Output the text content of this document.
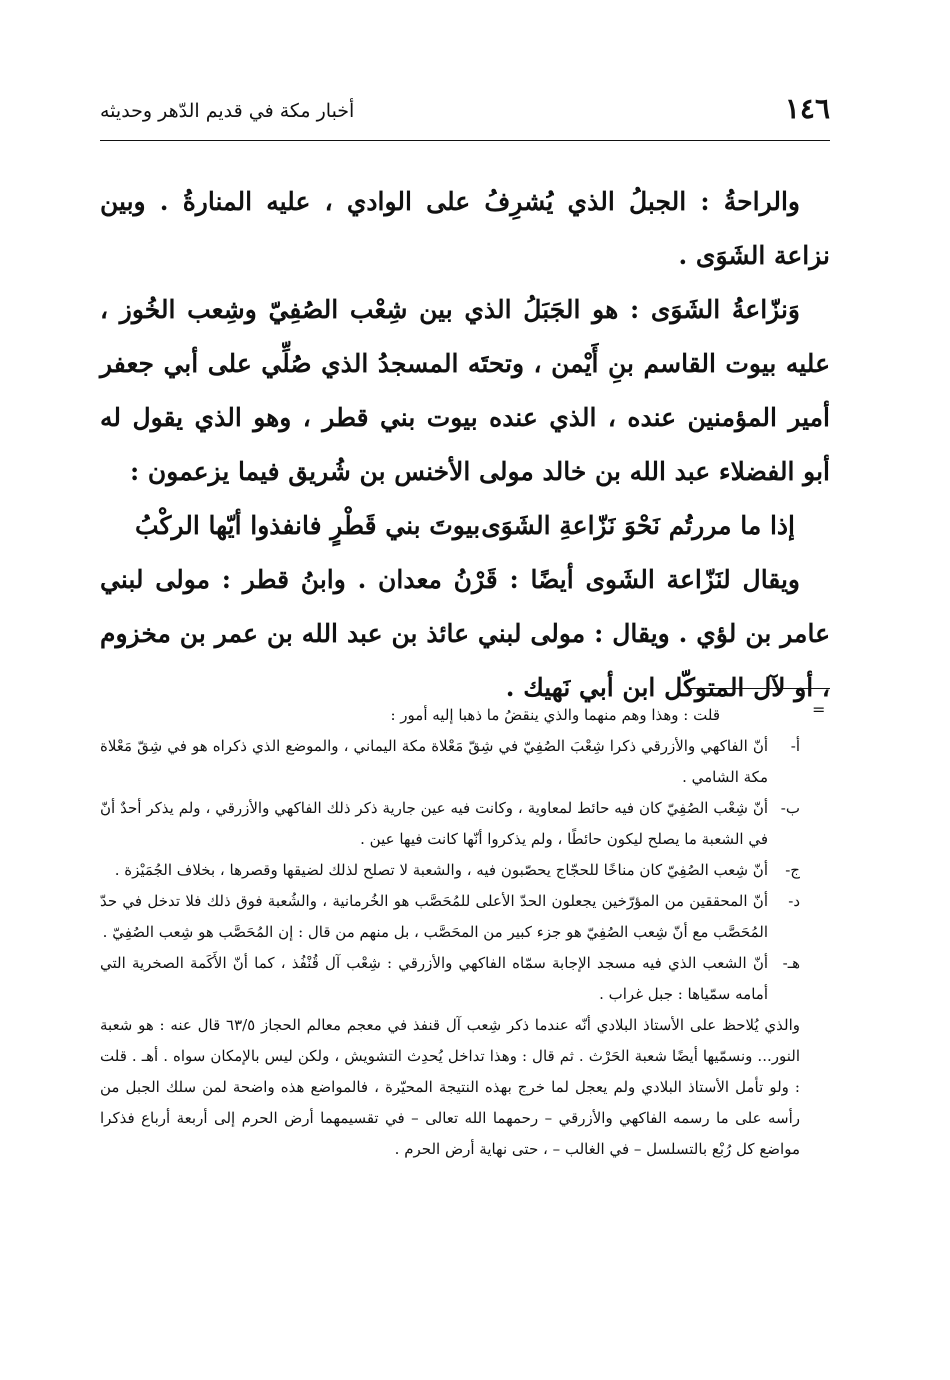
١٤٦
أخبار مكة في قديم الدّهر وحديثه

والراحةُ : الجبلُ الذي يُشرِفُ على الوادي ، عليه المنارةُ . وبين نزاعة الشَوَى .

وَنزّاعةُ الشَوَى : هو الجَبَلُ الذي بين شِعْب الصُفِيّ وشِعب الخُوز ، عليه بيوت القاسم بنِ أَيْمن ، وتحتَه المسجدُ الذي صُلِّي على أبي جعفر أمير المؤمنين عنده ، الذي عنده بيوت بني قطر ، وهو الذي يقول له أبو الفضلاء عبد الله بن خالد مولى الأخنس بن شُريق فيما يزعمون :

إذا ما مررتُم نَحْوَ نَزّاعةِ الشَوَى
بيوتَ بني قَطْرٍ فانفذوا أيّها الركْبُ

ويقال لنَزّاعة الشَوى أيضًا : قَرْنُ معدان . وابنُ قطر : مولى لبني عامر بن لؤي . ويقال : مولى لبني عائذ بن عبد الله بن عمر بن مخزوم ، أو لآل المتوكّل ابن أبي نَهيك .

=

قلت : وهذا وهم منهما والذي ينقضُ ما ذهبا إليه أمور :

أ-
أنّ الفاكهي والأزرقي ذكرا شِعْبَ الصُفِيّ في شِقّ مَعْلاة مكة اليماني ، والموضع الذي ذكراه هو في شِقّ مَعْلاة مكة الشامي .
ب-
أنّ شِعْب الصُفِيّ كان فيه حائط لمعاوية ، وكانت فيه عين جارية ذكر ذلك الفاكهي والأزرقي ، ولم يذكر أحدٌ أنّ في الشعبة ما يصلح ليكون حائطًا ، ولم يذكروا أنّها كانت فيها عين .
ج-
أنّ شِعب الصُفِيّ كان مناخًا للحجّاج يحصّبون فيه ، والشعبة لا تصلح لذلك لضيقها وقصرها ، بخلاف الجُمَيْزة .
د-
أنّ المحققين من المؤرّخين يجعلون الحدّ الأعلى للمُحَصَّب هو الخُرمانية ، والشُعبة فوق ذلك فلا تدخل في حدّ المُحَصَّب مع أنّ شِعب الصُفِيّ هو جزء كبير من المحَصَّب ، بل منهم من قال : إن المُحَصَّب هو شِعب الصُفِيّ .
هـ-
أنّ الشعب الذي فيه مسجد الإجابة سمّاه الفاكهي والأزرقي : شِعْب آل قُنْفُذ ، كما أنّ الأَكَمة الصخرية التي أمامه سمّياها : جبل غراب .

والذي يُلاحظ على الأستاذ البلادي أنّه عندما ذكر شِعب آل قنفذ في معجم معالم الحجاز ٦٣/٥ قال عنه : هو شعبة النور... ونسمّيها أيضًا شعبة الحَرْث . ثم قال : وهذا تداخل يُحدِث التشويش ، ولكن ليس بالإمكان سواه . أهـ . قلت : ولو تأمل الأستاذ البلادي ولم يعجل لما خرج بهذه النتيجة المحيّرة ، فالمواضع هذه واضحة لمن سلك الجبل من رأسه على ما رسمه الفاكهي والأزرقي – رحمهما الله تعالى – في تقسيمهما أرض الحرم إلى أربعة أرباع فذكرا مواضع كل رُبْع بالتسلسل – في الغالب – ، حتى نهاية أرض الحرم .
